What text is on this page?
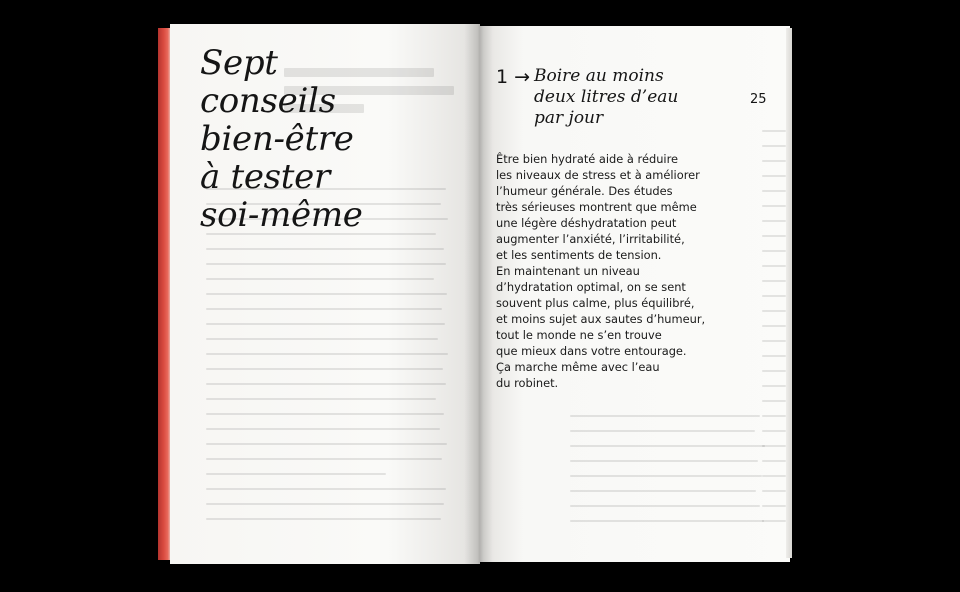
Sept
conseils
bien-être
à tester
soi-même
1 → Boire au moins
deux litres d’eau
par jour
25
Être bien hydraté aide à réduire
les niveaux de stress et à améliorer
l’humeur générale. Des études
très sérieuses montrent que même
une légère déshydratation peut
augmenter l’anxiété, l’irritabilité,
et les sentiments de tension.
En maintenant un niveau
d’hydratation optimal, on se sent
souvent plus calme, plus équilibré,
et moins sujet aux sautes d’humeur,
tout le monde ne s’en trouve
que mieux dans votre entourage.
Ça marche même avec l’eau
du robinet.
